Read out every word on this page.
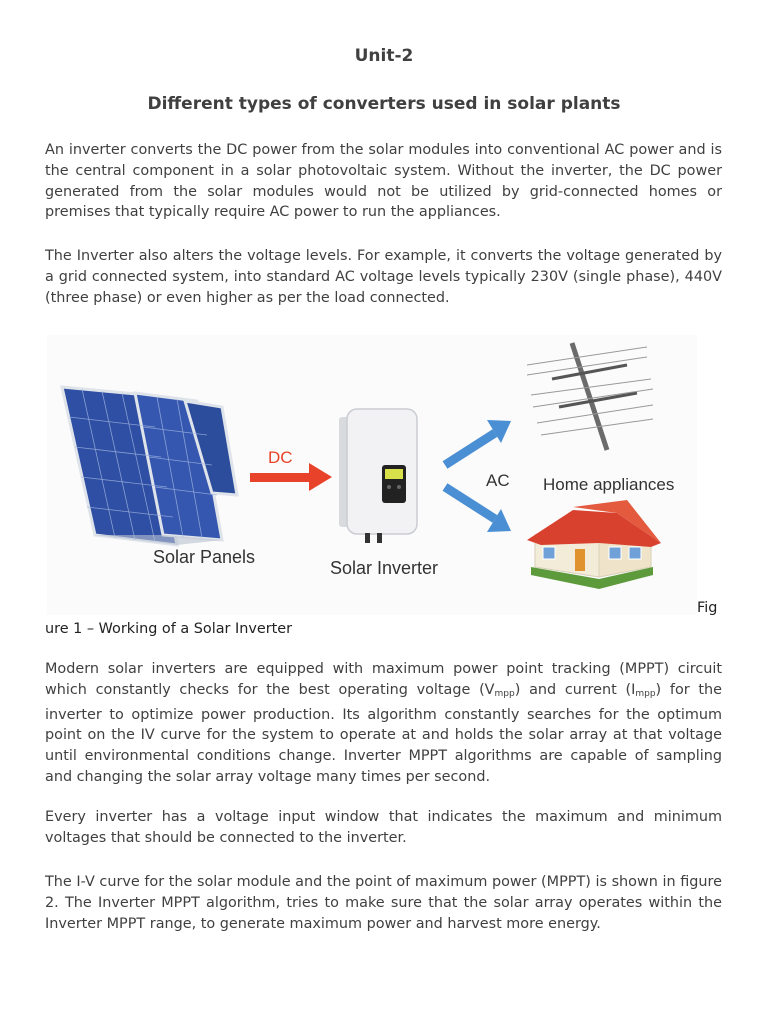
Unit-2
Different types of converters used in solar plants

An inverter converts the DC power from the solar modules into conventional AC power and is the central component in a solar photovoltaic system. Without the inverter, the DC power generated from the solar modules would not be utilized by grid-connected homes or premises that typically require AC power to run the appliances.

The Inverter also alters the voltage levels. For example, it converts the voltage generated by a grid connected system, into standard AC voltage levels typically 230V (single phase), 440V (three phase) or even higher as per the load connected.

Solar Panels
DC
Solar Inverter
AC Home appliances
Fig
ure 1 – Working of a Solar Inverter

Modern solar inverters are equipped with maximum power point tracking (MPPT) circuit which constantly checks for the best operating voltage $(V_{mpp})$ and current $(I_{mpp})$ for the inverter to optimize power production. Its algorithm constantly searches for the optimum point on the IV curve for the system to operate at and holds the solar array at that voltage until environmental conditions change. Inverter MPPT algorithms are capable of sampling and changing the solar array voltage many times per second.

Every inverter has a voltage input window that indicates the maximum and minimum voltages that should be connected to the inverter.

The I-V curve for the solar module and the point of maximum power (MPPT) is shown in figure 2. The Inverter MPPT algorithm, tries to make sure that the solar array operates within the Inverter MPPT range, to generate maximum power and harvest more energy.
